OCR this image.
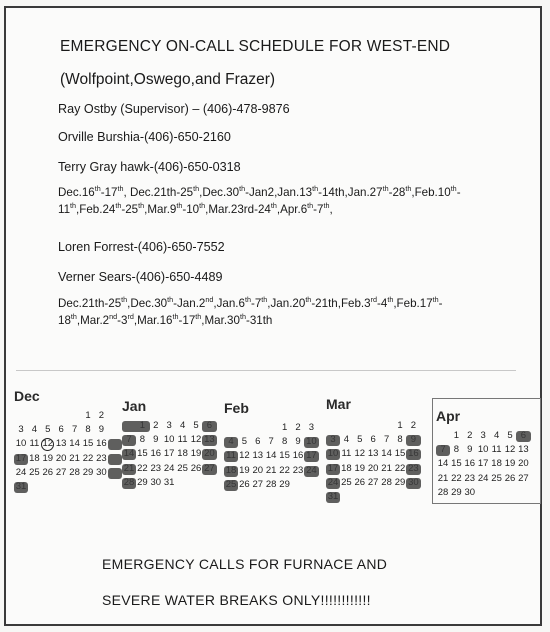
EMERGENCY ON-CALL SCHEDULE FOR WEST-END
(Wolfpoint,Oswego,and Frazer)
Ray Ostby (Supervisor) – (406)-478-9876
Orville Burshia-(406)-650-2160
Terry Gray hawk-(406)-650-0318
Dec.16th-17th, Dec.21th-25th,Dec.30th-Jan2,Jan.13th-14th,Jan.27th-28th,Feb.10th-11th,Feb.24th-25th,Mar.9th-10th,Mar.23rd-24th,Apr.6th-7th,
Loren Forrest-(406)-650-7552
Verner Sears-(406)-650-4489
Dec.21th-25th,Dec.30th-Jan.2nd,Jan.6th-7th,Jan.20th-21th,Feb.3rd-4th,Feb.17th-18th,Mar.2nd-3rd,Mar.16th-17th,Mar.30th-31th
Dec
1 2
3 4 5 6 7 8 9
10 11 12 13 14 15 16
18 19 20 21 22 23
24 25 26 27 28 29 30
Jan
2 3 4 5
8 9 10 11 12
15 16 17 18 19
22 23 24 25 26
29 30 31
Feb
1 2 3
5 6 7 8 9
12 13 14 15 16
19 20 21 22 23
26 27 28 29
Mar
1 2
4 5 6 7 8
11 12 13 14 15
18 19 20 21 22
25 26 27 28 29
Apr
1 2 3 4 5
8 9 10 11 12 13
14 15 16 17 18 19 20
21 22 23 24 25 26 27
28 29 30
EMERGENCY CALLS FOR FURNACE AND
SEVERE WATER BREAKS ONLY!!!!!!!!!!!!
